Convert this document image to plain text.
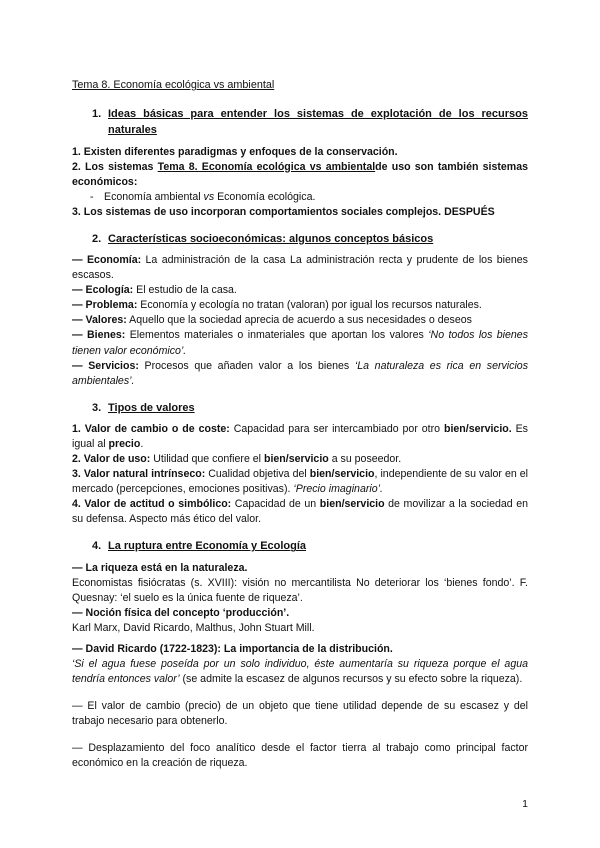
Tema 8. Economía ecológica vs ambiental
1. Ideas básicas para entender los sistemas de explotación de los recursos naturales

1. Existen diferentes paradigmas y enfoques de la conservación.

2. Los sistemas Tema 8. Economía ecológica vs ambientalde uso son también sistemas económicos:

- Economía ambiental vs Economía ecológica.

3. Los sistemas de uso incorporan comportamientos sociales complejos. DESPUÉS

2. Características socioeconómicas: algunos conceptos básicos

— Economía: La administración de la casa La administración recta y prudente de los bienes escasos.

— Ecología: El estudio de la casa.

— Problema: Economía y ecología no tratan (valoran) por igual los recursos naturales.

— Valores: Aquello que la sociedad aprecia de acuerdo a sus necesidades o deseos

— Bienes: Elementos materiales o inmateriales que aportan los valores ‘No todos los bienes tienen valor económico’.

— Servicios: Procesos que añaden valor a los bienes ‘La naturaleza es rica en servicios ambientales’.

3. Tipos de valores

1. Valor de cambio o de coste: Capacidad para ser intercambiado por otro bien/servicio. Es igual al precio.

2. Valor de uso: Utilidad que confiere el bien/servicio a su poseedor.

3. Valor natural intrínseco: Cualidad objetiva del bien/servicio, independiente de su valor en el mercado (percepciones, emociones positivas). ‘Precio imaginario’.

4. Valor de actitud o simbólico: Capacidad de un bien/servicio de movilizar a la sociedad en su defensa. Aspecto más ético del valor.

4. La ruptura entre Economía y Ecología

— La riqueza está en la naturaleza.

Economistas fisiócratas (s. XVIII): visión no mercantilista No deteriorar los ‘bienes fondo’. F. Quesnay: ‘el suelo es la única fuente de riqueza’.

— Noción física del concepto ‘producción’.

Karl Marx, David Ricardo, Malthus, John Stuart Mill.

— David Ricardo (1722-1823): La importancia de la distribución.

‘Si el agua fuese poseída por un solo individuo, éste aumentaría su riqueza porque el agua tendría entonces valor’ (se admite la escasez de algunos recursos y su efecto sobre la riqueza).

— El valor de cambio (precio) de un objeto que tiene utilidad depende de su escasez y del trabajo necesario para obtenerlo.

— Desplazamiento del foco analítico desde el factor tierra al trabajo como principal factor económico en la creación de riqueza.

1
